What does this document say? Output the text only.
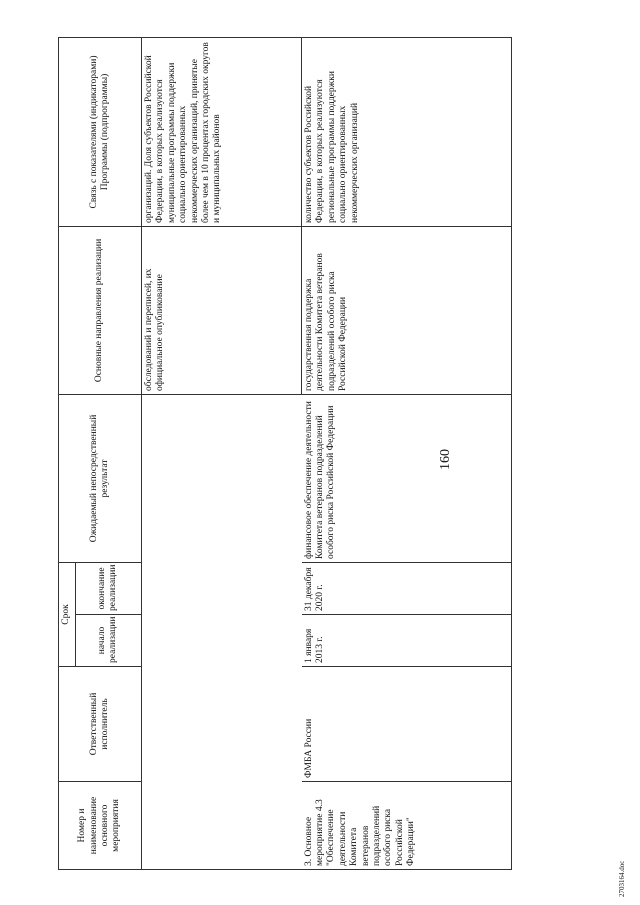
160
Номер и наименование основного мероприятия	Ответственный исполнитель	Срок		Ожидаемый непосредственный результат	Основные направления реализации	Связь с показателями (индикаторами) Программы (подпрограммы)
		начало реализации	окончание реализации			
					обследований и переписей, их официальное опубликование	организаций. Доля субъектов Российской Федерации, в которых реализуются муниципальные программы поддержки социально ориентированных некоммерческих организаций, принятые более чем в 10 процентах городских округов и муниципальных районов
3. Основное мероприятие 4.3 "Обеспечение деятельности Комитета ветеранов подразделений особого риска Российской Федерации"	ФМБА России	1 января 2013 г.	31 декабря 2020 г.	финансовое обеспечение деятельности Комитета ветеранов подразделений особого риска Российской Федерации	государственная поддержка деятельности Комитета ветеранов подразделений особого риска Российской Федерации	количество субъектов Российской Федерации, в которых реализуются региональные программы поддержки социально ориентированных некоммерческих организаций
2703164.doc
